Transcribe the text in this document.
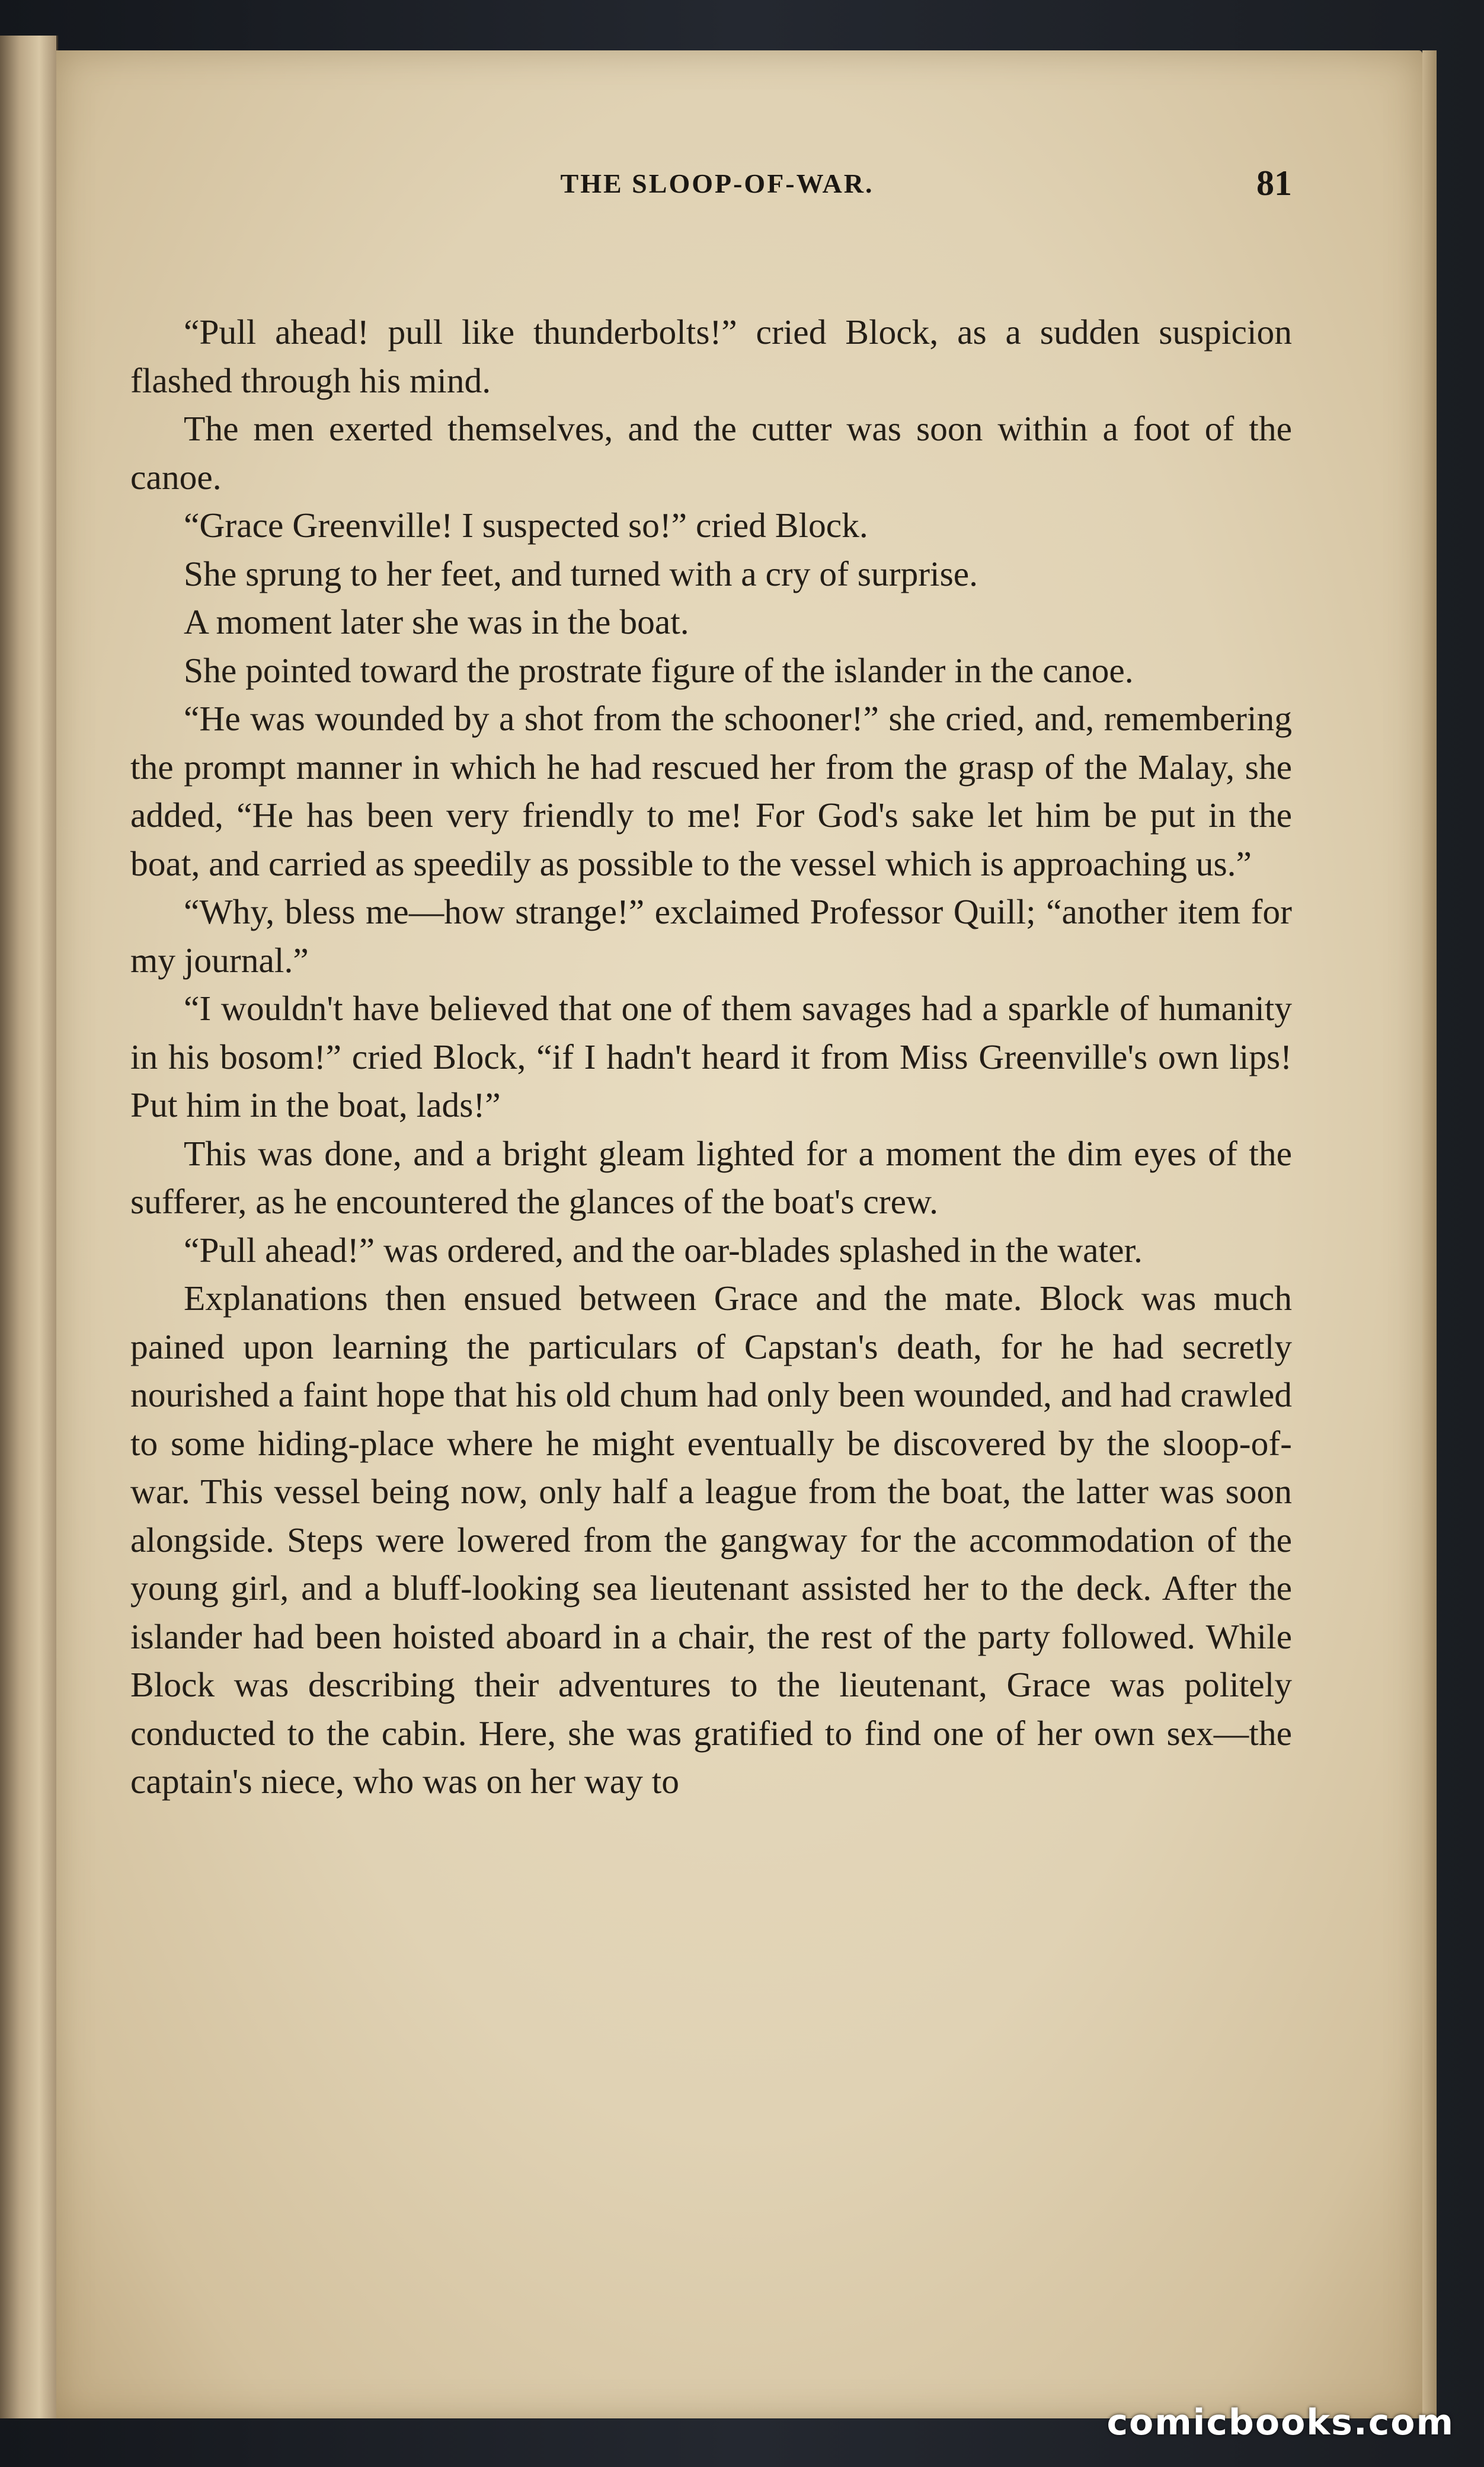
THE SLOOP-OF-WAR.	81

“Pull ahead! pull like thunderbolts!” cried Block, as a sudden suspicion flashed through his mind.

The men exerted themselves, and the cutter was soon within a foot of the canoe.

“Grace Greenville! I suspected so!” cried Block.

She sprung to her feet, and turned with a cry of surprise.

A moment later she was in the boat.

She pointed toward the prostrate figure of the islander in the canoe.

“He was wounded by a shot from the schooner!” she cried, and, remembering the prompt manner in which he had rescued her from the grasp of the Malay, she added, “He has been very friendly to me! For God's sake let him be put in the boat, and carried as speedily as possible to the vessel which is approaching us.”

“Why, bless me—how strange!” exclaimed Professor Quill; “another item for my journal.”

“I wouldn't have believed that one of them savages had a sparkle of humanity in his bosom!” cried Block, “if I hadn't heard it from Miss Greenville's own lips! Put him in the boat, lads!”

This was done, and a bright gleam lighted for a moment the dim eyes of the sufferer, as he encountered the glances of the boat's crew.

“Pull ahead!” was ordered, and the oar-blades splashed in the water.

Explanations then ensued between Grace and the mate. Block was much pained upon learning the particulars of Capstan's death, for he had secretly nourished a faint hope that his old chum had only been wounded, and had crawled to some hiding-place where he might eventually be discovered by the sloop-of-war. This vessel being now, only half a league from the boat, the latter was soon alongside. Steps were lowered from the gangway for the accommodation of the young girl, and a bluff-looking sea lieutenant assisted her to the deck. After the islander had been hoisted aboard in a chair, the rest of the party followed. While Block was describing their adventures to the lieutenant, Grace was politely conducted to the cabin. Here, she was gratified to find one of her own sex—the captain's niece, who was on her way to

comicbooks.com
